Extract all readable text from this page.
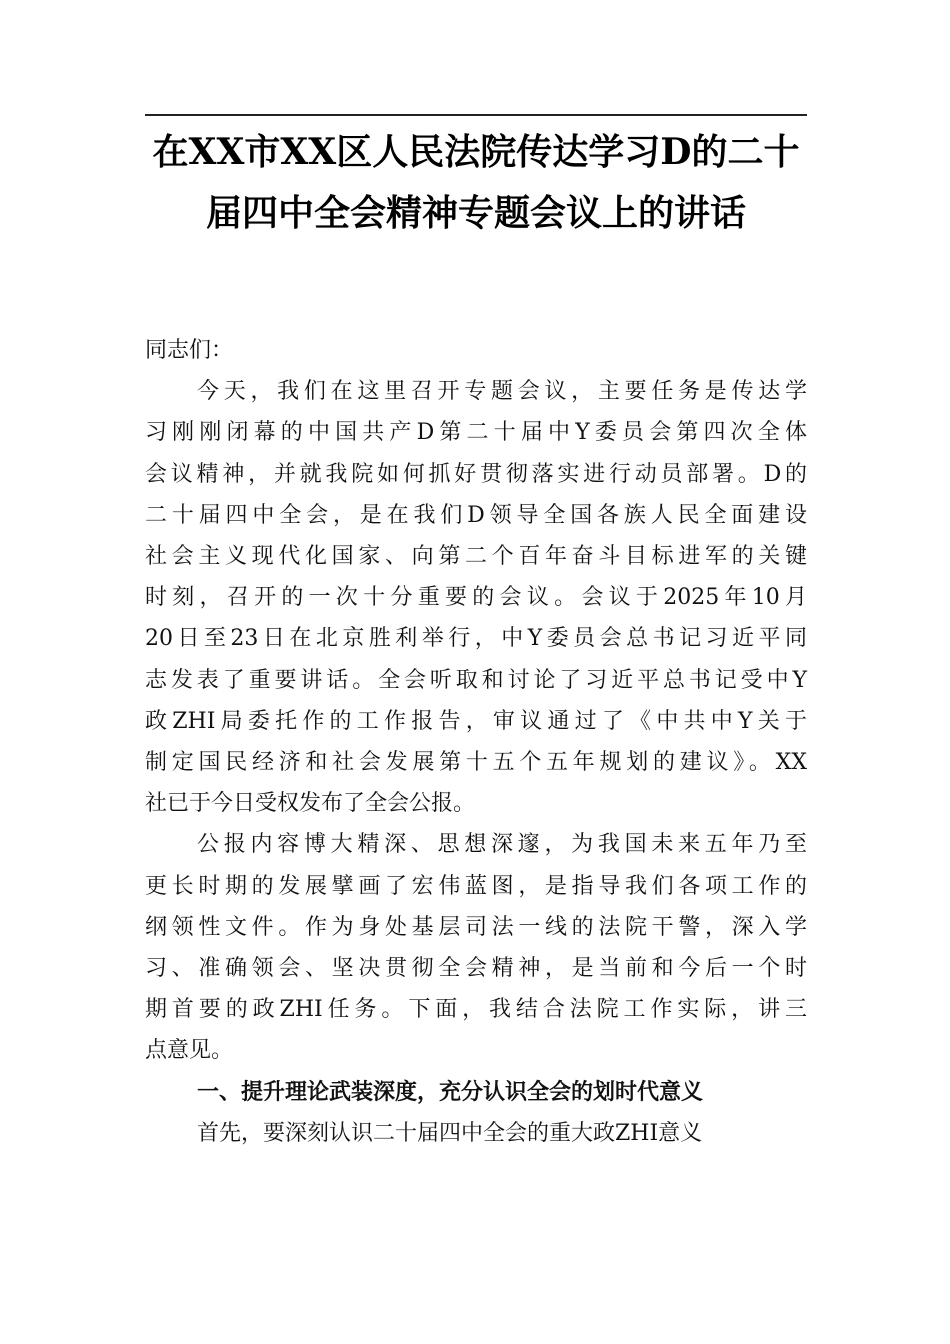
在XX市XX区人民法院传达学习D的二十
届四中全会精神专题会议上的讲话

同志们：

今天，我们在这里召开专题会议，主要任务是传达学
习刚刚闭幕的中国共产D第二十届中Y委员会第四次全体
会议精神，并就我院如何抓好贯彻落实进行动员部署。D的
二十届四中全会，是在我们D领导全国各族人民全面建设
社会主义现代化国家、向第二个百年奋斗目标进军的关键
时刻，召开的一次十分重要的会议。会议于2025年10月
20日至23日在北京胜利举行，中Y委员会总书记习近平同
志发表了重要讲话。全会听取和讨论了习近平总书记受中Y
政ZHI局委托作的工作报告，审议通过了《中共中Y关于
制定国民经济和社会发展第十五个五年规划的建议》。XX
社已于今日受权发布了全会公报。
公报内容博大精深、思想深邃，为我国未来五年乃至
更长时期的发展擘画了宏伟蓝图，是指导我们各项工作的
纲领性文件。作为身处基层司法一线的法院干警，深入学
习、准确领会、坚决贯彻全会精神，是当前和今后一个时
期首要的政ZHI任务。下面，我结合法院工作实际，讲三
点意见。
一、提升理论武装深度，充分认识全会的划时代意义
首先，要深刻认识二十届四中全会的重大政ZHI意义
